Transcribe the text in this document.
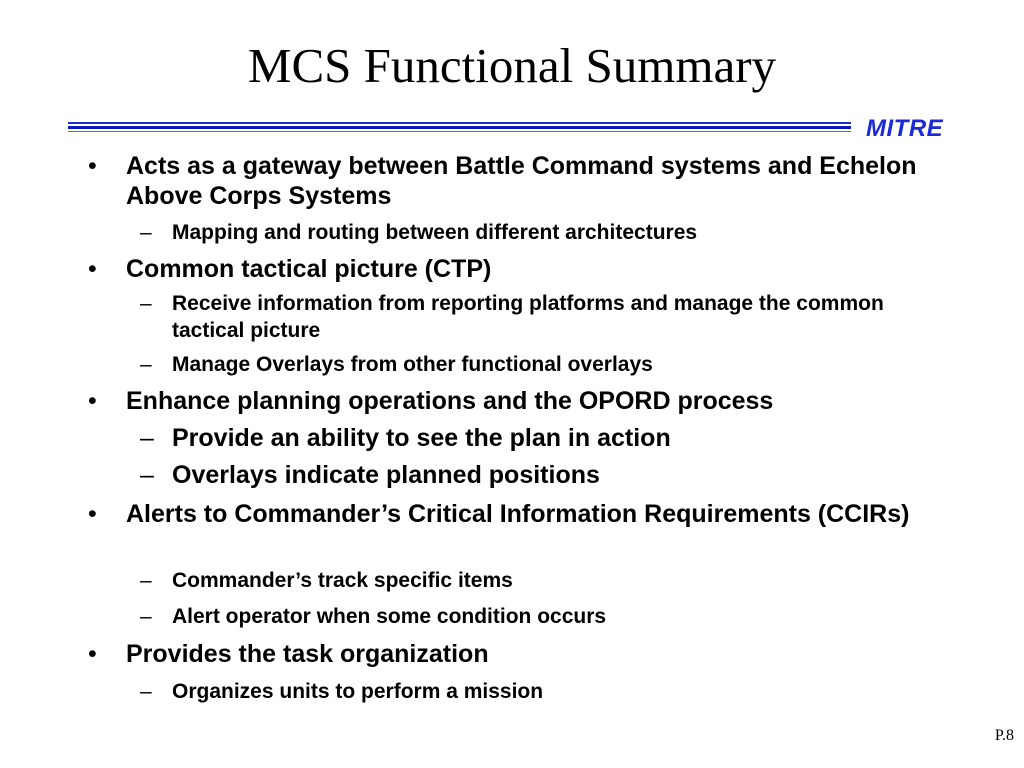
MCS Functional Summary
MITRE
• Acts as a gateway between Battle Command systems and Echelon Above Corps Systems
– Mapping and routing between different architectures
• Common tactical picture (CTP)
– Receive information from reporting platforms and manage the common tactical picture
– Manage Overlays from other functional overlays
• Enhance planning operations and the OPORD process
– Provide an ability to see the plan in action
– Overlays indicate planned positions
• Alerts to Commander’s Critical Information Requirements (CCIRs)
– Commander’s track specific items
– Alert operator when some condition occurs
• Provides the task organization
– Organizes units to perform a mission
P.8
